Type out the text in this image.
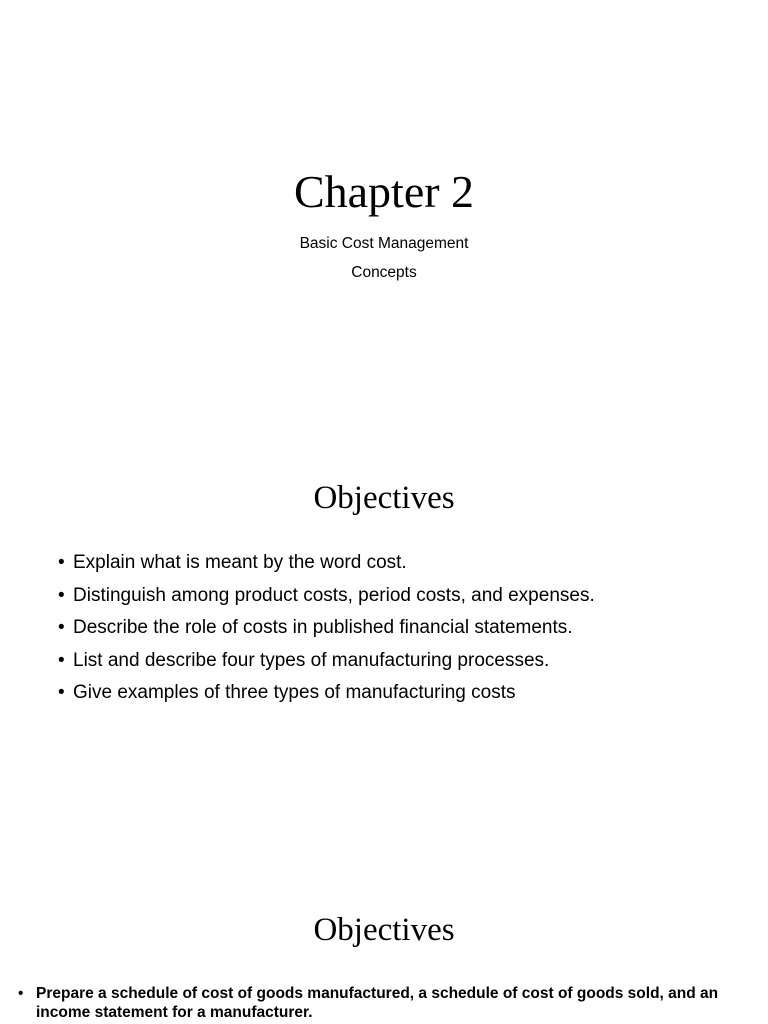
Chapter 2
Basic Cost Management
Concepts
Objectives
• Explain what is meant by the word cost.
• Distinguish among product costs, period costs, and expenses.
• Describe the role of costs in published financial statements.
• List and describe four types of manufacturing processes.
• Give examples of three types of manufacturing costs
Objectives
• Prepare a schedule of cost of goods manufactured, a schedule of cost of goods sold, and an income statement for a manufacturer.
